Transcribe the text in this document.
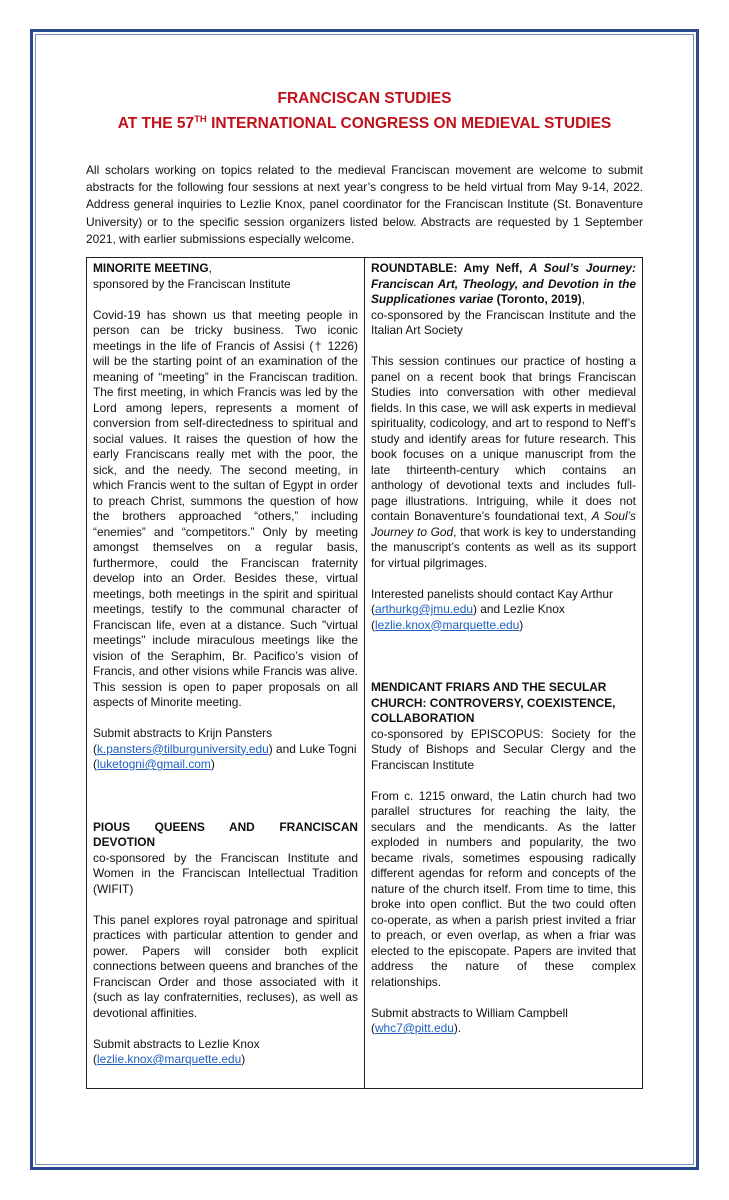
FRANCISCAN STUDIES
AT THE 57TH INTERNATIONAL CONGRESS ON MEDIEVAL STUDIES

All scholars working on topics related to the medieval Franciscan movement are welcome to submit abstracts for the following four sessions at next year’s congress to be held virtual from May 9-14, 2022. Address general inquiries to Lezlie Knox, panel coordinator for the Franciscan Institute (St. Bonaventure University) or to the specific session organizers listed below. Abstracts are requested by 1 September 2021, with earlier submissions especially welcome.

MINORITE MEETING,

sponsored by the Franciscan Institute

Covid-19 has shown us that meeting people in person can be tricky business. Two iconic meetings in the life of Francis of Assisi († 1226) will be the starting point of an examination of the meaning of “meeting” in the Franciscan tradition. The first meeting, in which Francis was led by the Lord among lepers, represents a moment of conversion from self-directedness to spiritual and social values. It raises the question of how the early Franciscans really met with the poor, the sick, and the needy. The second meeting, in which Francis went to the sultan of Egypt in order to preach Christ, summons the question of how the brothers approached “others,” including “enemies” and “competitors.” Only by meeting amongst themselves on a regular basis, furthermore, could the Franciscan fraternity develop into an Order. Besides these, virtual meetings, both meetings in the spirit and spiritual meetings, testify to the communal character of Franciscan life, even at a distance. Such "virtual meetings" include miraculous meetings like the vision of the Seraphim, Br. Pacifico’s vision of Francis, and other visions while Francis was alive. This session is open to paper proposals on all aspects of Minorite meeting.

Submit abstracts to Krijn Pansters (k.pansters@tilburguniversity.edu) and Luke Togni (luketogni@gmail.com)

PIOUS QUEENS AND FRANCISCAN DEVOTION

co-sponsored by the Franciscan Institute and Women in the Franciscan Intellectual Tradition (WIFIT)

This panel explores royal patronage and spiritual practices with particular attention to gender and power. Papers will consider both explicit connections between queens and branches of the Franciscan Order and those associated with it (such as lay confraternities, recluses), as well as devotional affinities.

Submit abstracts to Lezlie Knox (lezlie.knox@marquette.edu)

ROUNDTABLE: Amy Neff, A Soul’s Journey: Franciscan Art, Theology, and Devotion in the Supplicationes variae (Toronto, 2019),

co-sponsored by the Franciscan Institute and the Italian Art Society

This session continues our practice of hosting a panel on a recent book that brings Franciscan Studies into conversation with other medieval fields. In this case, we will ask experts in medieval spirituality, codicology, and art to respond to Neff’s study and identify areas for future research. This book focuses on a unique manuscript from the late thirteenth-century which contains an anthology of devotional texts and includes full-page illustrations. Intriguing, while it does not contain Bonaventure’s foundational text, A Soul’s Journey to God, that work is key to understanding the manuscript’s contents as well as its support for virtual pilgrimages.

Interested panelists should contact Kay Arthur (arthurkg@jmu.edu) and Lezlie Knox (lezlie.knox@marquette.edu)

MENDICANT FRIARS AND THE SECULAR CHURCH: CONTROVERSY, COEXISTENCE, COLLABORATION

co-sponsored by EPISCOPUS: Society for the Study of Bishops and Secular Clergy and the Franciscan Institute

From c. 1215 onward, the Latin church had two parallel structures for reaching the laity, the seculars and the mendicants. As the latter exploded in numbers and popularity, the two became rivals, sometimes espousing radically different agendas for reform and concepts of the nature of the church itself. From time to time, this broke into open conflict. But the two could often co-operate, as when a parish priest invited a friar to preach, or even overlap, as when a friar was elected to the episcopate. Papers are invited that address the nature of these complex relationships.

Submit abstracts to William Campbell (whc7@pitt.edu).
